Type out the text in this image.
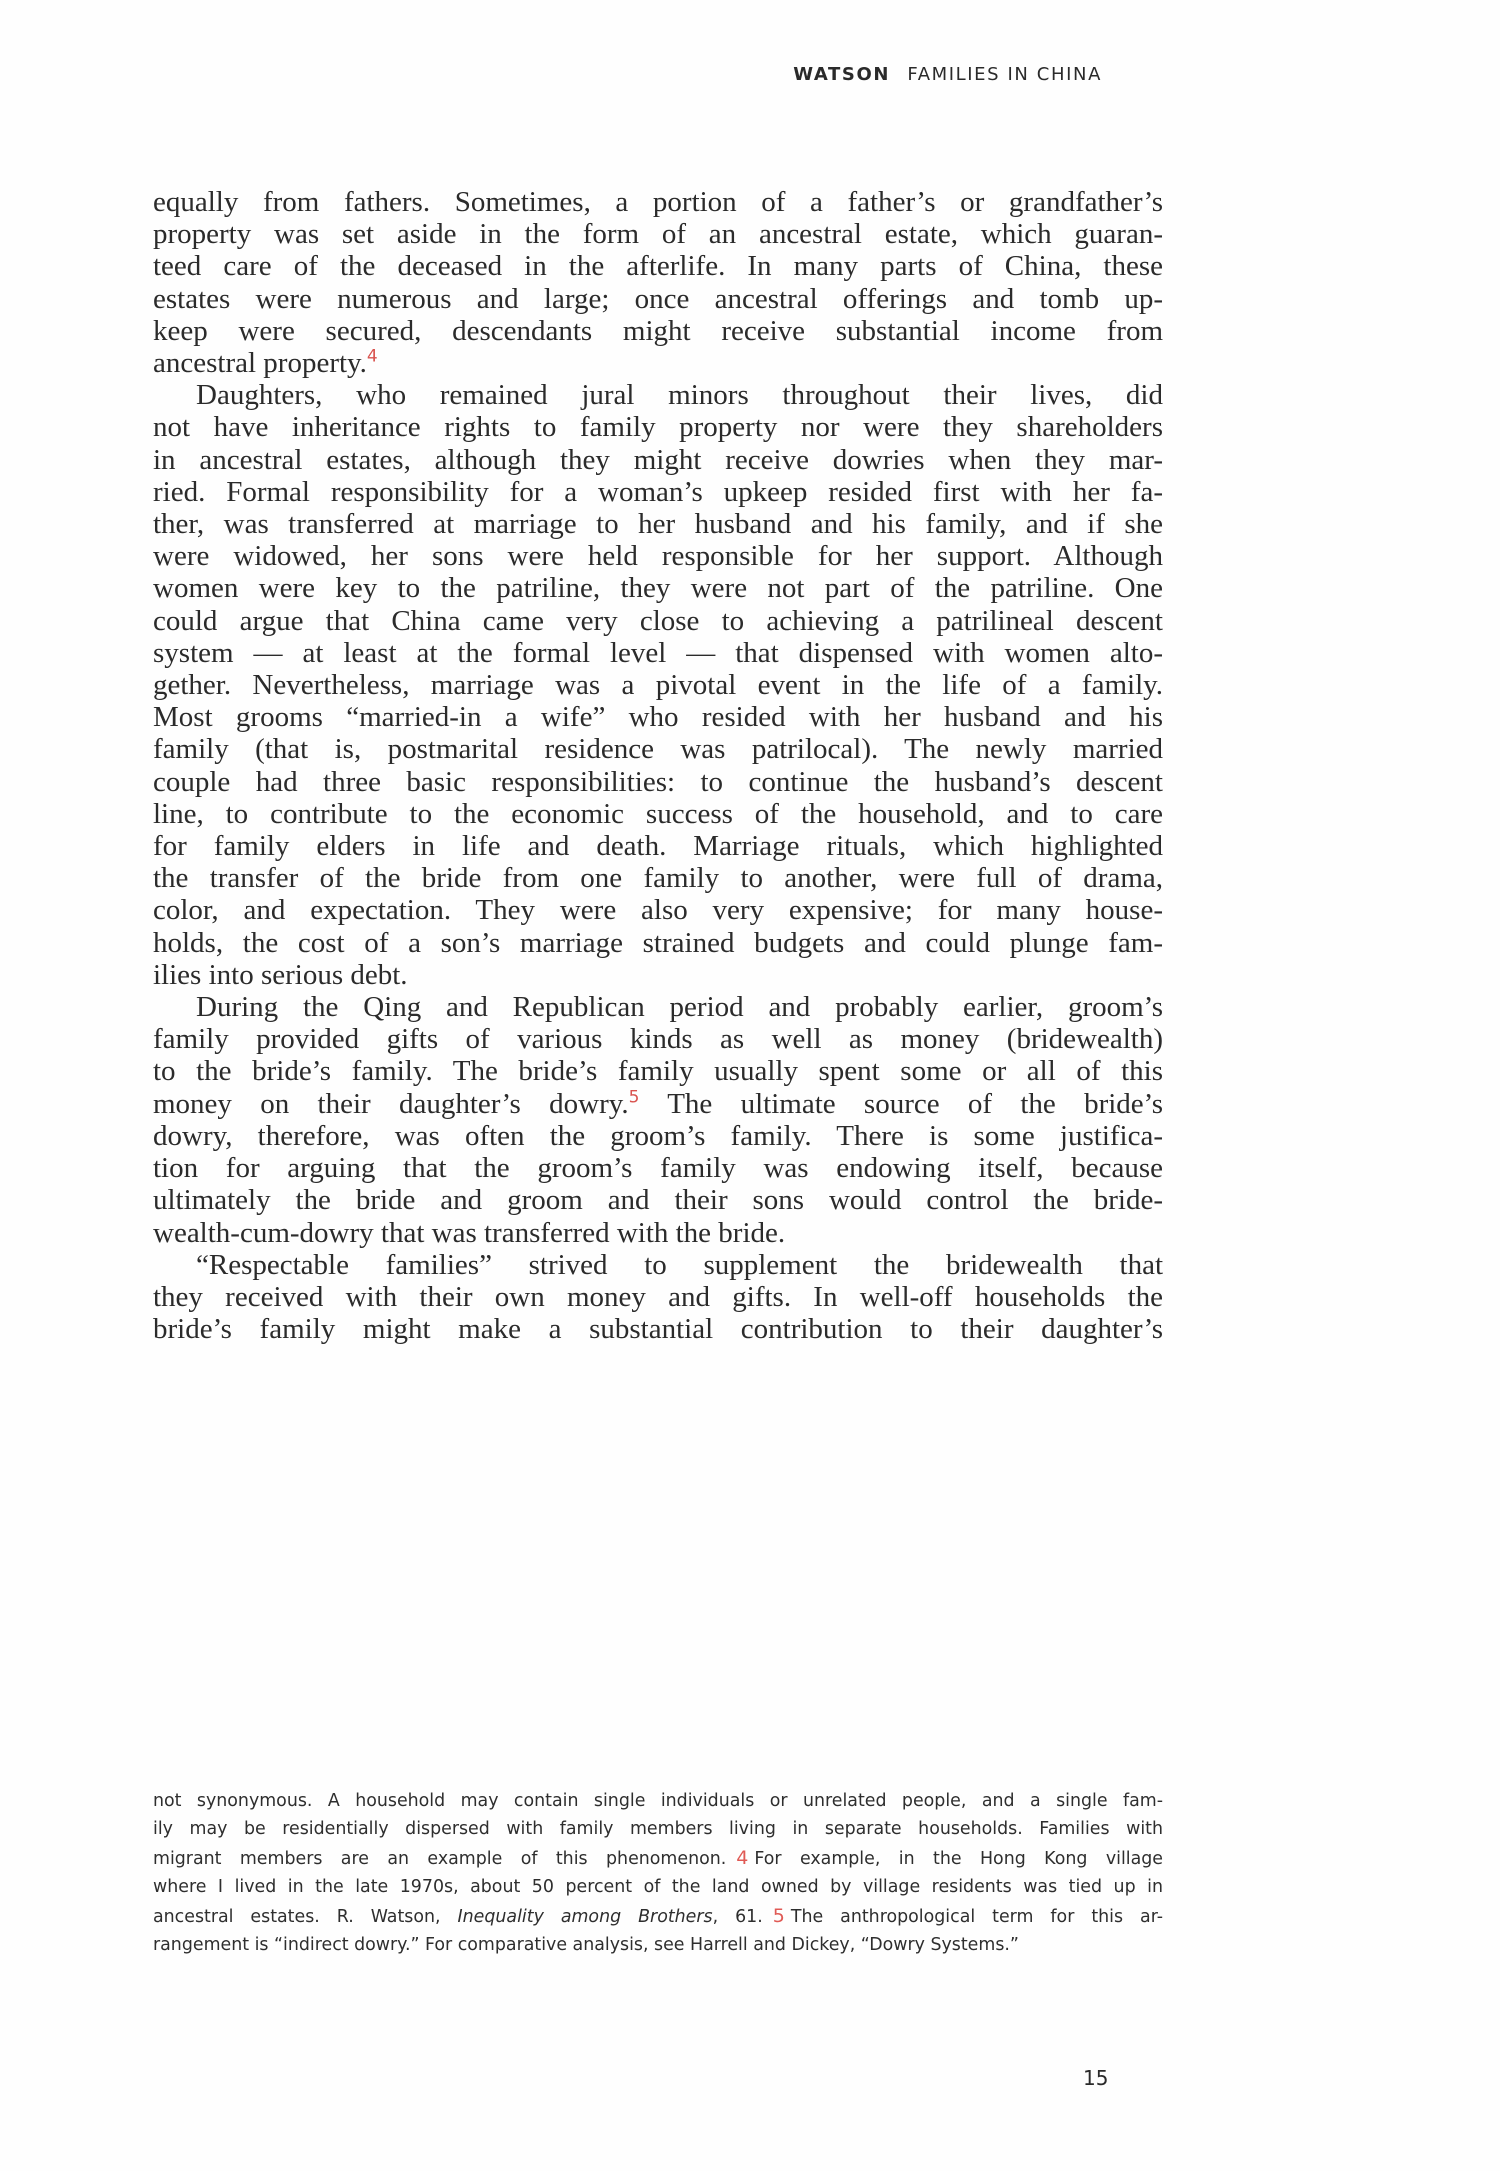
WATSON FAMILIES IN CHINA

equally from fathers. Sometimes, a portion of a father’s or grandfather’s
property was set aside in the form of an ancestral estate, which guaran-
teed care of the deceased in the afterlife. In many parts of China, these
estates were numerous and large; once ancestral offerings and tomb up-
keep were secured, descendants might receive substantial income from
ancestral property.$^4$

Daughters, who remained jural minors throughout their lives, did
not have inheritance rights to family property nor were they shareholders
in ancestral estates, although they might receive dowries when they mar-
ried. Formal responsibility for a woman’s upkeep resided first with her fa-
ther, was transferred at marriage to her husband and his family, and if she
were widowed, her sons were held responsible for her support. Although
women were key to the patriline, they were not part of the patriline. One
could argue that China came very close to achieving a patrilineal descent
system — at least at the formal level — that dispensed with women alto-
gether. Nevertheless, marriage was a pivotal event in the life of a family.
Most grooms “married-in a wife” who resided with her husband and his
family (that is, postmarital residence was patrilocal). The newly married
couple had three basic responsibilities: to continue the husband’s descent
line, to contribute to the economic success of the household, and to care
for family elders in life and death. Marriage rituals, which highlighted
the transfer of the bride from one family to another, were full of drama,
color, and expectation. They were also very expensive; for many house-
holds, the cost of a son’s marriage strained budgets and could plunge fam-
ilies into serious debt.

During the Qing and Republican period and probably earlier, groom’s
family provided gifts of various kinds as well as money (bridewealth)
to the bride’s family. The bride’s family usually spent some or all of this
money on their daughter’s dowry.$^5$ The ultimate source of the bride’s
dowry, therefore, was often the groom’s family. There is some justifica-
tion for arguing that the groom’s family was endowing itself, because
ultimately the bride and groom and their sons would control the bride-
wealth-cum-dowry that was transferred with the bride.

“Respectable families” strived to supplement the bridewealth that
they received with their own money and gifts. In well-off households the
bride’s family might make a substantial contribution to their daughter’s

not synonymous. A household may contain single individuals or unrelated people, and a single fam-
ily may be residentially dispersed with family members living in separate households. Families with
migrant members are an example of this phenomenon. 4 For example, in the Hong Kong village
where I lived in the late 1970s, about 50 percent of the land owned by village residents was tied up in
ancestral estates. R. Watson, Inequality among Brothers, 61. 5 The anthropological term for this ar-
rangement is “indirect dowry.” For comparative analysis, see Harrell and Dickey, “Dowry Systems.”
15
